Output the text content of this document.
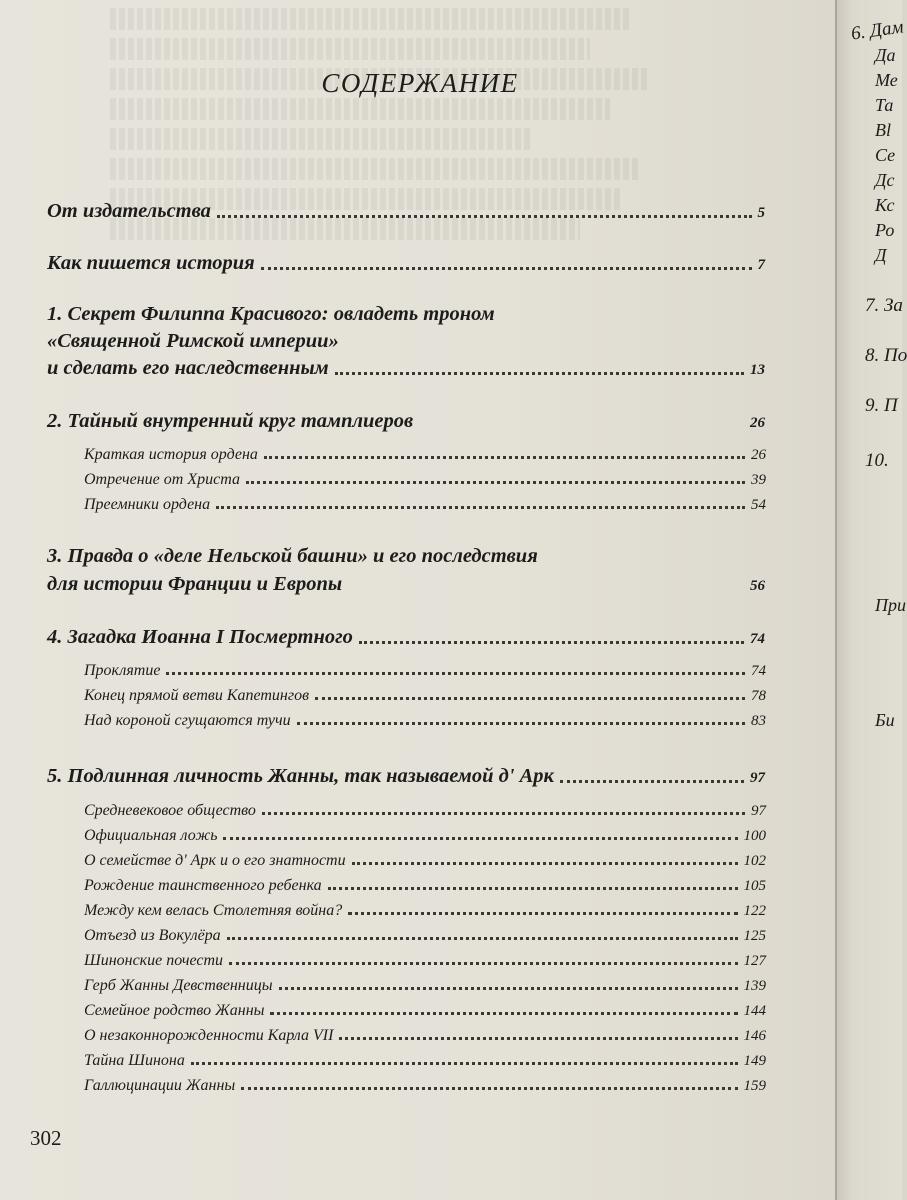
СОДЕРЖАНИЕ
От издательства	5
Как пишется история	7
1. Секрет Филиппа Красивого: овладеть троном
«Священной Римской империи»
и сделать его наследственным	13
2. Тайный внутренний круг тамплиеров	26
Краткая история ордена	26
Отречение от Христа	39
Преемники ордена	54
3. Правда о «деле Нельской башни» и его последствия
для истории Франции и Европы	56
4. Загадка Иоанна I Посмертного	74
Проклятие	74
Конец прямой ветви Капетингов	78
Над короной сгущаются тучи	83
5. Подлинная личность Жанны, так называемой д' Арк	97
Средневековое общество	97
Официальная ложь	100
О семействе д' Арк и о его знатности	102
Рождение таинственного ребенка	105
Между кем велась Столетняя война?	122
Отъезд из Вокулёра	125
Шинонские почести	127
Герб Жанны Девственницы	139
Семейное родство Жанны	144
О незаконнорожденности Карла VII	146
Тайна Шинона	149
Галлюцинации Жанны	159
302
6. Дам
Да
Ме
Та
Вl
Се
Дс
Кс
Ро
Д
7. За
8. По
9. П
10.
При
Би
